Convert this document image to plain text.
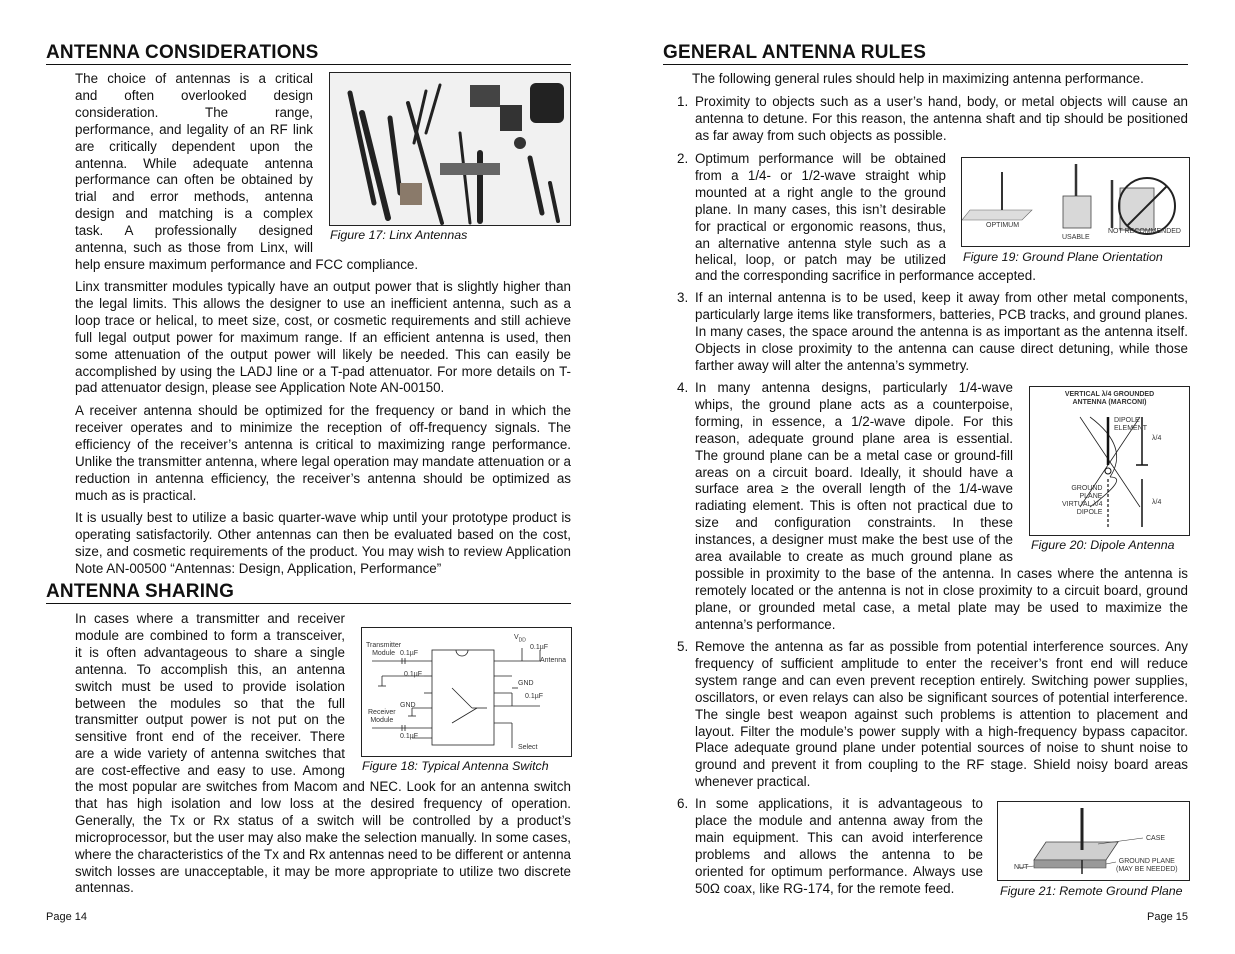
ANTENNA CONSIDERATIONS
The choice of antennas is a critical
and often overlooked design
consideration. The range,
performance, and legality of an RF link
are critically dependent upon the
antenna. While adequate antenna
performance can often be obtained by
trial and error methods, antenna
design and matching is a complex
task. A professionally designed
antenna, such as those from Linx, will
Figure 17: Linx Antennas
help ensure maximum performance and FCC compliance.
Linx transmitter modules typically have an output power that is slightly higher than the legal limits. This allows the designer to use an inefficient antenna, such as a loop trace or helical, to meet size, cost, or cosmetic requirements and still achieve full legal output power for maximum range. If an efficient antenna is used, then some attenuation of the output power will likely be needed. This can easily be accomplished by using the LADJ line or a T-pad attenuator. For more details on T-pad attenuator design, please see Application Note AN-00150.
A receiver antenna should be optimized for the frequency or band in which the receiver operates and to minimize the reception of off-frequency signals. The efficiency of the receiver’s antenna is critical to maximizing range performance. Unlike the transmitter antenna, where legal operation may mandate attenuation or a reduction in antenna efficiency, the receiver’s antenna should be optimized as much as is practical.
It is usually best to utilize a basic quarter-wave whip until your prototype product is operating satisfactorily. Other antennas can then be evaluated based on the cost, size, and cosmetic requirements of the product. You may wish to review Application Note AN-00500 “Antennas: Design, Application, Performance”
ANTENNA SHARING
In cases where a transmitter and receiver
module are combined to form a transceiver,
it is often advantageous to share a single
antenna. To accomplish this, an antenna
switch must be used to provide isolation
between the modules so that the full
transmitter output power is not put on the
sensitive front end of the receiver. There
are a wide variety of antenna switches that
are cost-effective and easy to use. Among
$V_{DD}$
Transmitter
Module 0.1µF
0.1µF
Antenna
0.1µF
GND
0.1µF
GND
Receiver
Module
0.1µF
Select
Figure 18: Typical Antenna Switch
the most popular are switches from Macom and NEC. Look for an antenna switch that has high isolation and low loss at the desired frequency of operation. Generally, the Tx or Rx status of a switch will be controlled by a product’s microprocessor, but the user may also make the selection manually. In some cases, where the characteristics of the Tx and Rx antennas need to be different or antenna switch losses are unacceptable, it may be more appropriate to utilize two discrete antennas.
Page 14
GENERAL ANTENNA RULES
The following general rules should help in maximizing antenna performance.
1. Proximity to objects such as a user’s hand, body, or metal objects will cause an antenna to detune. For this reason, the antenna shaft and tip should be positioned as far away from such objects as possible.
2. Optimum performance will be obtained
from a 1/4- or 1/2-wave straight whip
mounted at a right angle to the ground
plane. In many cases, this isn’t desirable
for practical or ergonomic reasons, thus,
an alternative antenna style such as a
helical, loop, or patch may be utilized
and the corresponding sacrifice in performance accepted.
OPTIMUM
USABLE
NOT RECOMMENDED
Figure 19: Ground Plane Orientation
3. If an internal antenna is to be used, keep it away from other metal components, particularly large items like transformers, batteries, PCB tracks, and ground planes. In many cases, the space around the antenna is as important as the antenna itself. Objects in close proximity to the antenna can cause direct detuning, while those farther away will alter the antenna’s symmetry.
4. In many antenna designs, particularly 1/4-wave
whips, the ground plane acts as a counterpoise,
forming, in essence, a 1/2-wave dipole. For this
reason, adequate ground plane area is essential.
The ground plane can be a metal case or ground-fill
areas on a circuit board. Ideally, it should have a
surface area ≥ the overall length of the 1/4-wave
radiating element. This is often not practical due to
size and configuration constraints. In these
instances, a designer must make the best use of the
area available to create as much ground plane as
possible in proximity to the base of the antenna. In cases where the antenna is remotely located or the antenna is not in close proximity to a circuit board, ground plane, or grounded metal case, a metal plate may be used to maximize the antenna’s performance.
VERTICAL λ/4 GROUNDED
ANTENNA (MARCONI)
DIPOLE
ELEMENT
λ/4
GROUND
PLANE
VIRTUAL λ/4
DIPOLE
λ/4
Figure 20: Dipole Antenna
5. Remove the antenna as far as possible from potential interference sources. Any frequency of sufficient amplitude to enter the receiver’s front end will reduce system range and can even prevent reception entirely. Switching power supplies, oscillators, or even relays can also be significant sources of potential interference. The single best weapon against such problems is attention to placement and layout. Filter the module’s power supply with a high-frequency bypass capacitor. Place adequate ground plane under potential sources of noise to shunt noise to ground and prevent it from coupling to the RF stage. Shield noisy board areas whenever practical.
6. In some applications, it is advantageous to
place the module and antenna away from the
main equipment. This can avoid interference
problems and allows the antenna to be
oriented for optimum performance. Always use
50Ω coax, like RG-174, for the remote feed.
CASE
NUT
GROUND PLANE
(MAY BE NEEDED)
Figure 21: Remote Ground Plane
Page 15
